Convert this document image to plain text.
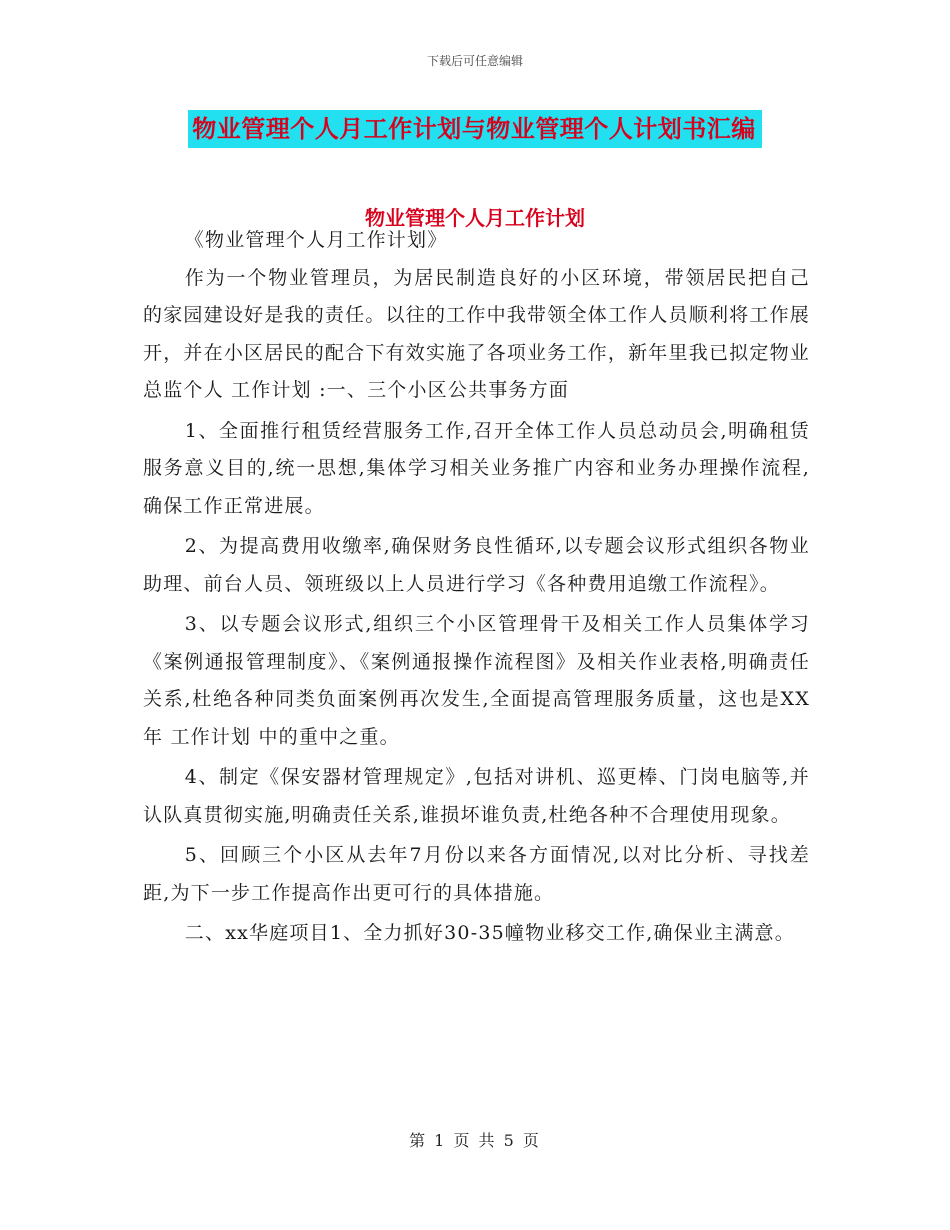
下载后可任意编辑
物业管理个人月工作计划与物业管理个人计划书汇编
物业管理个人月工作计划

《物业管理个人月工作计划》

作为一个物业管理员，为居民制造良好的小区环境，带领居民把自己的家园建设好是我的责任。以往的工作中我带领全体工作人员顺利将工作展开，并在小区居民的配合下有效实施了各项业务工作，新年里我已拟定物业总监个人 工作计划 :一、三个小区公共事务方面

1、全面推行租赁经营服务工作,召开全体工作人员总动员会,明确租赁服务意义目的,统一思想,集体学习相关业务推广内容和业务办理操作流程,确保工作正常进展。

2、为提高费用收缴率,确保财务良性循环,以专题会议形式组织各物业助理、前台人员、领班级以上人员进行学习《各种费用追缴工作流程》。

3、以专题会议形式,组织三个小区管理骨干及相关工作人员集体学习《案例通报管理制度》、《案例通报操作流程图》及相关作业表格,明确责任关系,杜绝各种同类负面案例再次发生,全面提高管理服务质量，这也是XX年 工作计划 中的重中之重。

4、制定《保安器材管理规定》,包括对讲机、巡更棒、门岗电脑等,并认队真贯彻实施,明确责任关系,谁损坏谁负责,杜绝各种不合理使用现象。

5、回顾三个小区从去年7月份以来各方面情况,以对比分析、寻找差距,为下一步工作提高作出更可行的具体措施。

二、xx华庭项目1、全力抓好30-35幢物业移交工作,确保业主满意。

第 1 页 共 5 页
